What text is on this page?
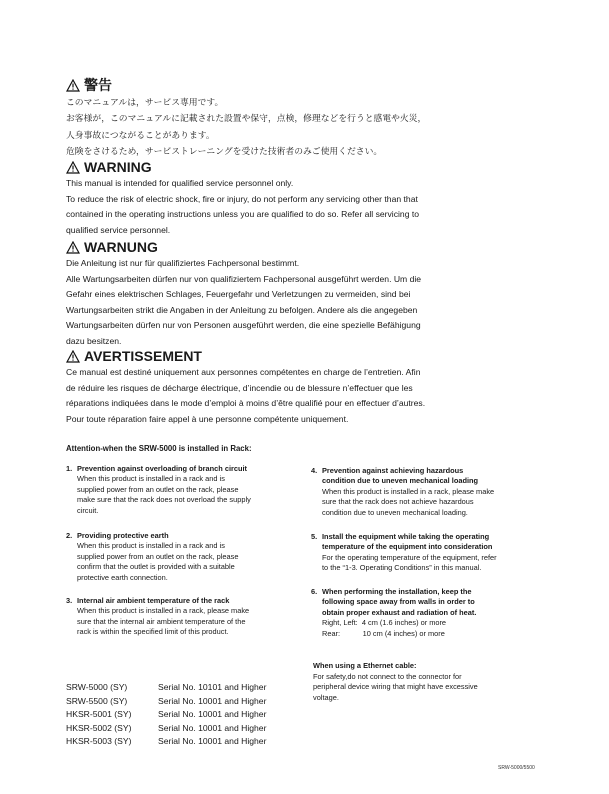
警告

このマニュアルは，サービス専用です。
お客様が，このマニュアルに記載された設置や保守，点検，修理などを行うと感電や火災，
人身事故につながることがあります。
危険をさけるため，サービストレーニングを受けた技術者のみご使用ください。

WARNING

This manual is intended for qualified service personnel only.
To reduce the risk of electric shock, fire or injury, do not perform any servicing other than that
contained in the operating instructions unless you are qualified to do so. Refer all servicing to
qualified service personnel.

WARNUNG

Die Anleitung ist nur für qualifiziertes Fachpersonal bestimmt.
Alle Wartungsarbeiten dürfen nur von qualifiziertem Fachpersonal ausgeführt werden. Um die
Gefahr eines elektrischen Schlages, Feuergefahr und Verletzungen zu vermeiden, sind bei
Wartungsarbeiten strikt die Angaben in der Anleitung zu befolgen. Andere als die angegeben
Wartungsarbeiten dürfen nur von Personen ausgeführt werden, die eine spezielle Befähigung
dazu besitzen.

AVERTISSEMENT

Ce manual est destiné uniquement aux personnes compétentes en charge de l’entretien. Afin
de réduire les risques de décharge électrique, d’incendie ou de blessure n’effectuer que les
réparations indiquées dans le mode d’emploi à moins d’être qualifié pour en effectuer d’autres.
Pour toute réparation faire appel à une personne compétente uniquement.

Attention-when the SRW-5000 is installed in Rack:
1. Prevention against overloading of branch circuit
When this product is installed in a rack and is
supplied power from an outlet on the rack, please
make sure that the rack does not overload the supply
circuit.
2. Providing protective earth
When this product is installed in a rack and is
supplied power from an outlet on the rack, please
confirm that the outlet is provided with a suitable
protective earth connection.
3. Internal air ambient temperature of the rack
When this product is installed in a rack, please make
sure that the internal air ambient temperature of the
rack is within the specified limit of this product.
4. Prevention against achieving hazardous
condition due to uneven mechanical loading
When this product is installed in a rack, please make
sure that the rack does not achieve hazardous
condition due to uneven mechanical loading.
5. Install the equipment while taking the operating
temperature of the equipment into consideration
For the operating temperature of the equipment, refer
to the “1-3. Operating Conditions” in this manual.
6. When performing the installation, keep the
following space away from walls in order to
obtain proper exhaust and radiation of heat.
Right, Left:  4 cm (1.6 inches) or more
Rear:           10 cm (4 inches) or more
SRW-5000 (SY)	Serial No. 10101 and Higher
SRW-5500 (SY)	Serial No. 10001 and Higher
HKSR-5001 (SY)	Serial No. 10001 and Higher
HKSR-5002 (SY)	Serial No. 10001 and Higher
HKSR-5003 (SY)	Serial No. 10001 and Higher
When using a Ethernet cable:
For safety,do not connect to the connector for
peripheral device wiring that might have excessive
voltage.
SRW-5000/5500
